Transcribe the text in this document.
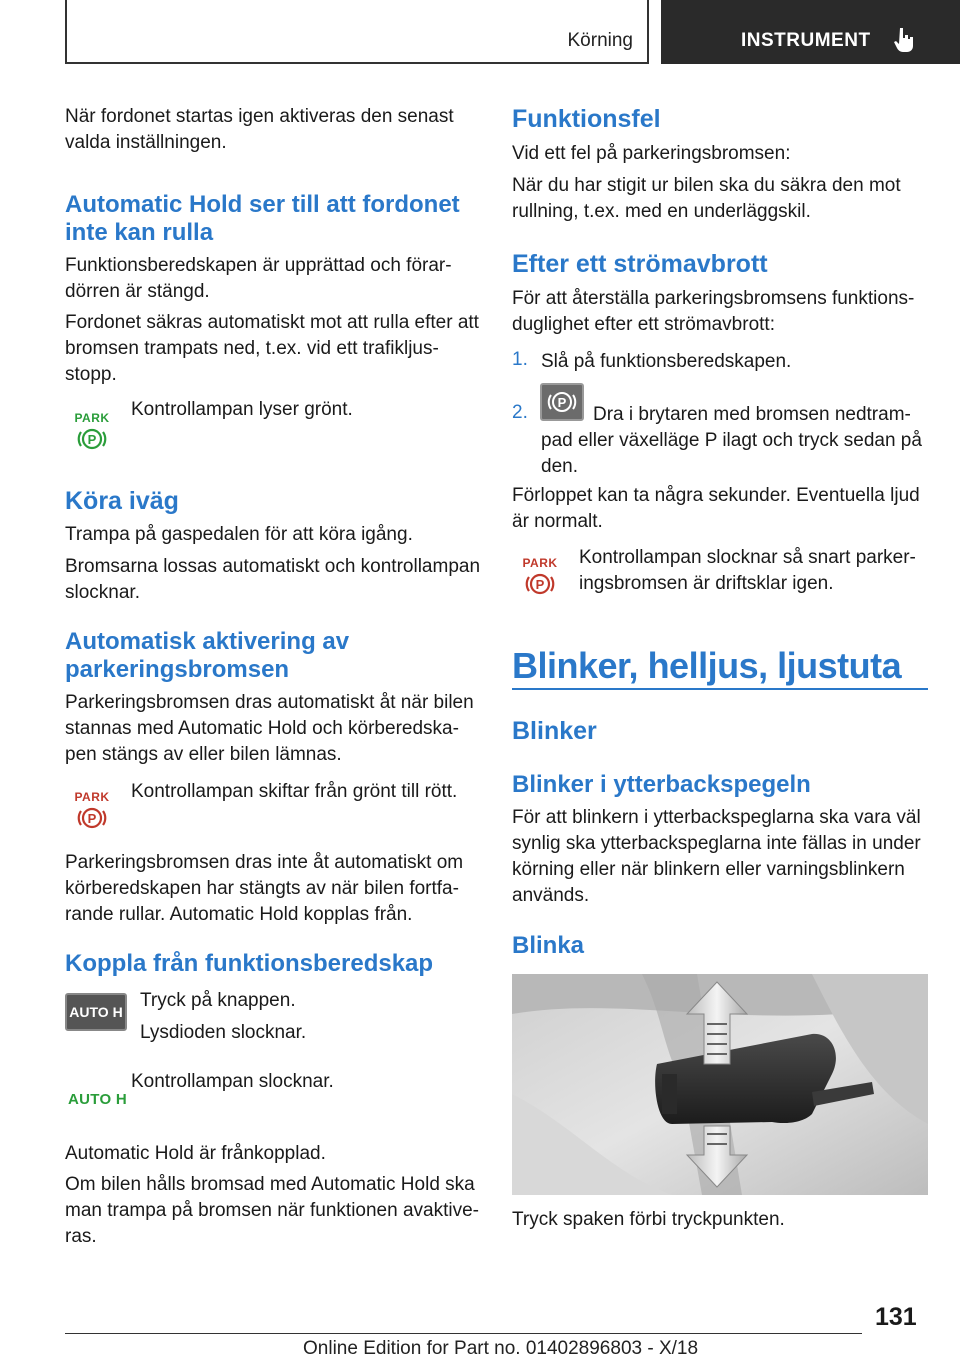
Körning	INSTRUMENT

När fordonet startas igen aktiveras den senast valda inställningen.

Automatic Hold ser till att fordonet inte kan rulla

Funktionsberedskapen är upprättad och förar-dörren är stängd.

Fordonet säkras automatiskt mot att rulla efter att bromsen trampats ned, t.ex. vid ett trafikljus-stopp.

PARK
P

Kontrollampan lyser grönt.

Köra iväg

Trampa på gaspedalen för att köra igång.

Bromsarna lossas automatiskt och kontrollampan slocknar.

Automatisk aktivering av parkeringsbromsen

Parkeringsbromsen dras automatiskt åt när bilen stannas med Automatic Hold och körberedska-pen stängs av eller bilen lämnas.

PARK
P

Kontrollampan skiftar från grönt till rött.

Parkeringsbromsen dras inte åt automatiskt om körberedskapen har stängts av när bilen fortfa-rande rullar. Automatic Hold kopplas från.

Koppla från funktionsberedskap
AUTO H

Tryck på knappen.

Lysdioden slocknar.

AUTO H

Kontrollampan slocknar.

Automatic Hold är frånkopplad.

Om bilen hålls bromsad med Automatic Hold ska man trampa på bromsen när funktionen avaktive-ras.

Funktionsfel

Vid ett fel på parkeringsbromsen:

När du har stigit ur bilen ska du säkra den mot rullning, t.ex. med en underläggskil.

Efter ett strömavbrott

För att återställa parkeringsbromsens funktions-duglighet efter ett strömavbrott:

1. Slå på funktionsberedskapen.

2. P

Dra i brytaren med bromsen nedtram-pad eller växelläge P ilagt och tryck sedan på den.

Förloppet kan ta några sekunder. Eventuella ljud är normalt.

PARK
P

Kontrollampan slocknar så snart parker-ingsbromsen är driftsklar igen.

Blinker, helljus, ljustuta
Blinker
Blinker i ytterbackspegeln

För att blinkern i ytterbackspeglarna ska vara väl synlig ska ytterbackspeglarna inte fällas in under körning eller när blinkern eller varningsblinkern används.

Blinka

Tryck spaken förbi tryckpunkten.

131
Online Edition for Part no. 01402896803 - X/18
